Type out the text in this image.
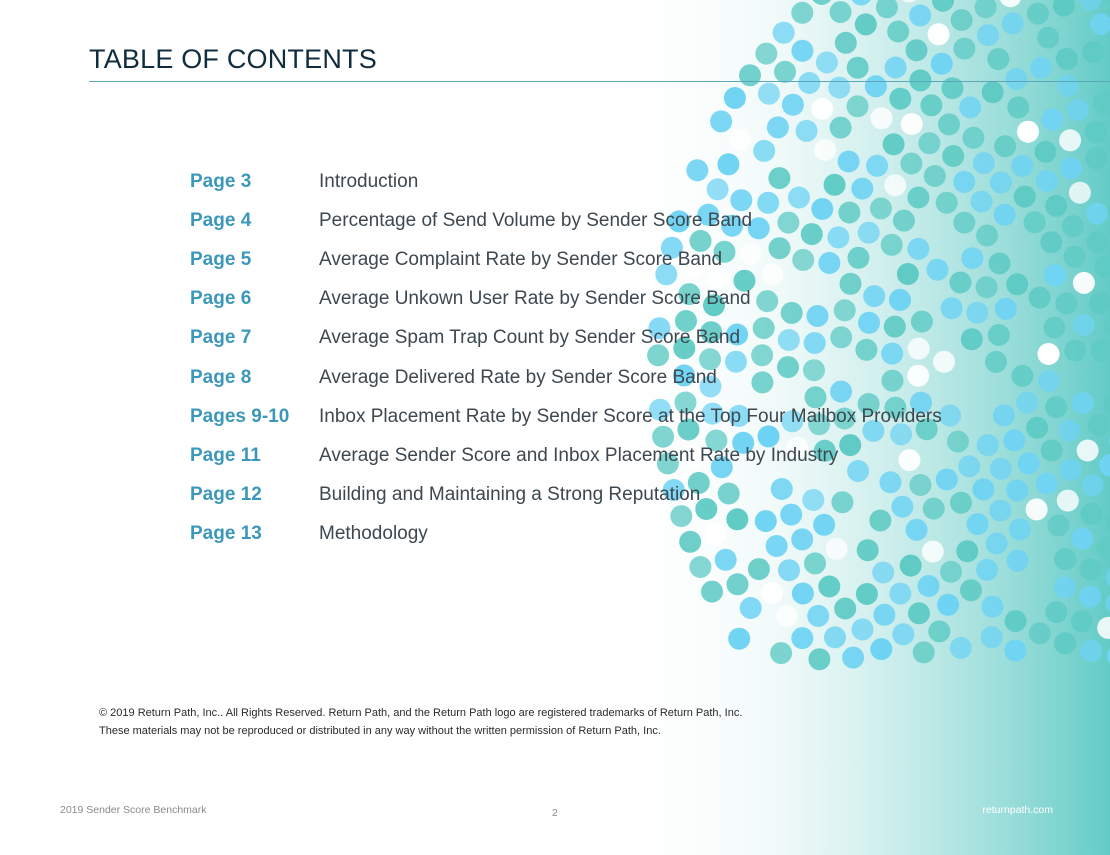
TABLE OF CONTENTS
Page 3	Introduction
Page 4	Percentage of Send Volume by Sender Score Band
Page 5	Average Complaint Rate by Sender Score Band
Page 6	Average Unkown User Rate by Sender Score Band
Page 7	Average Spam Trap Count by Sender Score Band
Page 8	Average Delivered Rate by Sender Score Band
Pages 9-10	Inbox Placement Rate by Sender Score at the Top Four Mailbox Providers
Page 11	Average Sender Score and Inbox Placement Rate by Industry
Page 12	Building and Maintaining a Strong Reputation
Page 13	Methodology
© 2019 Return Path, Inc.. All Rights Reserved. Return Path, and the Return Path logo are registered trademarks of Return Path, Inc.
These materials may not be reproduced or distributed in any way without the written permission of Return Path, Inc.
2019 Sender Score Benchmark	2	returnpath.com
